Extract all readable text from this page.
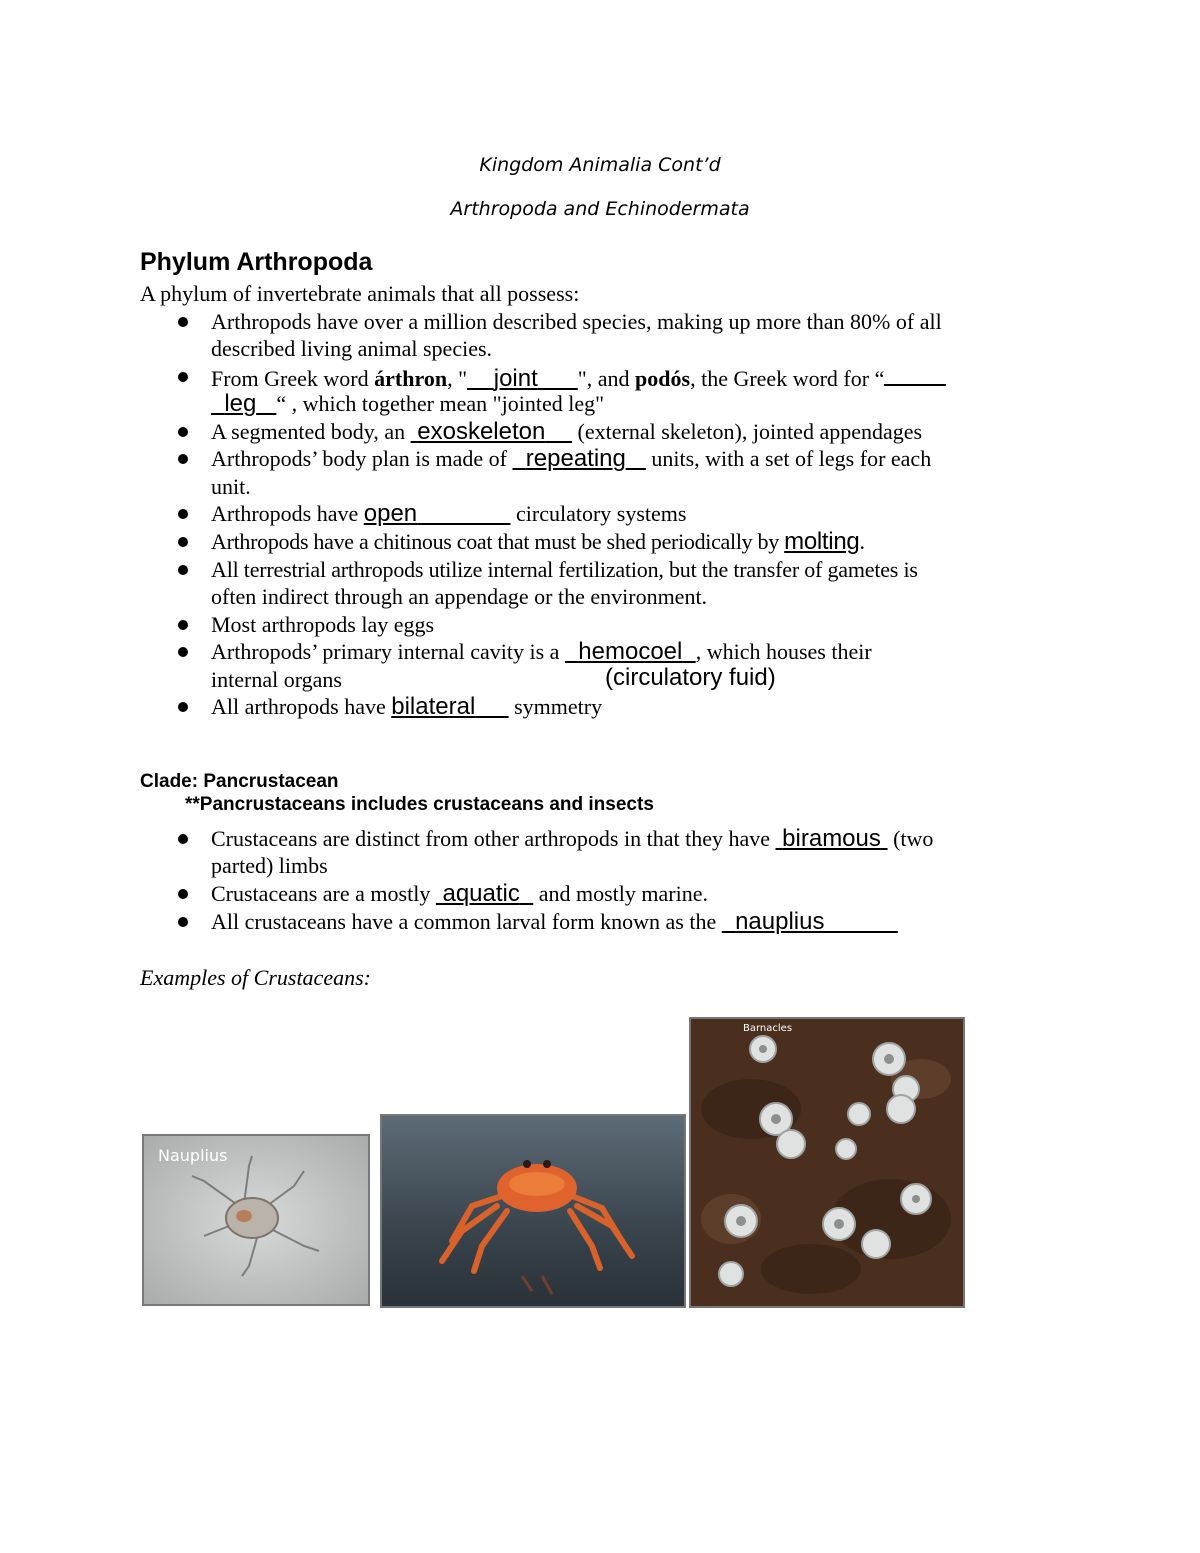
Kingdom Animalia Cont’d
Arthropoda and Echinodermata
Phylum Arthropoda
A phylum of invertebrate animals that all possess:
Arthropods have over a million described species, making up more than 80% of all
described living animal species.
From Greek word árthron, " joint ", and podós, the Greek word for “
leg “ , which together mean "jointed leg"
A segmented body, an  exoskeleton     (external skeleton), jointed appendages
Arthropods’ body plan is made of   repeating    units, with a set of legs for each
unit.
Arthropods have open	circulatory systems
Arthropods have a chitinous coat that must be shed periodically by molting.
All terrestrial arthropods utilize internal fertilization, but the transfer of gametes is
often indirect through an appendage or the environment.
Most arthropods lay eggs
Arthropods’ primary internal cavity is a   hemocoel , which houses their
internal organs	(circulatory fuid)
All arthropods have bilateral      symmetry
Clade: Pancrustacean
**Pancrustaceans includes crustaceans and insects
Crustaceans are distinct from other arthropods in that they have  biramous  (two
parted) limbs
Crustaceans are a mostly  aquatic   and mostly marine.
All crustaceans have a common larval form known as the   nauplius
Examples of Crustaceans:
Nauplius
Barnacles
